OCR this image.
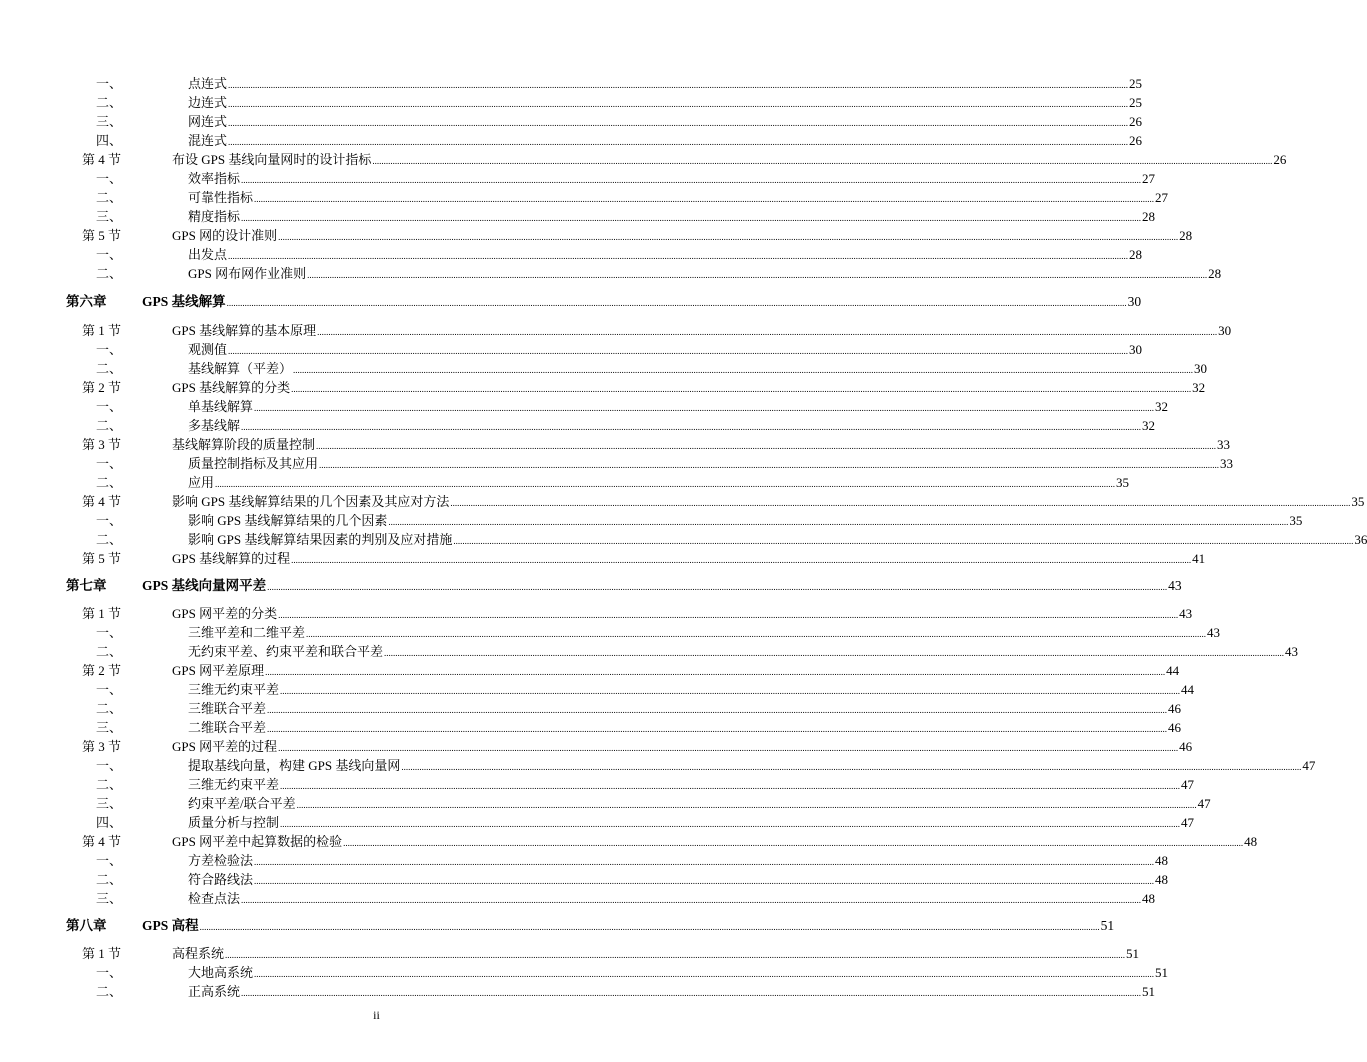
一、	点连式 ................................................................................................................................................................................................................................................................................................................................................................................................................ 25
二、	边连式 ................................................................................................................................................................................................................................................................................................................................................................................................................ 25
三、	网连式 ................................................................................................................................................................................................................................................................................................................................................................................................................ 26
四、	混连式 ................................................................................................................................................................................................................................................................................................................................................................................................................ 26
第 4 节	布设 GPS 基线向量网时的设计指标 ................................................................................................................................................................................................................................................................................................................................................................................................................ 26
一、	效率指标 ................................................................................................................................................................................................................................................................................................................................................................................................................ 27
二、	可靠性指标 ................................................................................................................................................................................................................................................................................................................................................................................................................ 27
三、	精度指标 ................................................................................................................................................................................................................................................................................................................................................................................................................ 28
第 5 节	GPS 网的设计准则 ................................................................................................................................................................................................................................................................................................................................................................................................................ 28
一、	出发点 ................................................................................................................................................................................................................................................................................................................................................................................................................ 28
二、	GPS 网布网作业准则 ................................................................................................................................................................................................................................................................................................................................................................................................................ 28
第六章	GPS 基线解算 ................................................................................................................................................................................................................................................................................................................................................................................................................ 30
第 1 节	GPS 基线解算的基本原理 ................................................................................................................................................................................................................................................................................................................................................................................................................ 30
一、	观测值 ................................................................................................................................................................................................................................................................................................................................................................................................................ 30
二、	基线解算（平差） ................................................................................................................................................................................................................................................................................................................................................................................................................ 30
第 2 节	GPS 基线解算的分类 ................................................................................................................................................................................................................................................................................................................................................................................................................ 32
一、	单基线解算 ................................................................................................................................................................................................................................................................................................................................................................................................................ 32
二、	多基线解 ................................................................................................................................................................................................................................................................................................................................................................................................................ 32
第 3 节	基线解算阶段的质量控制 ................................................................................................................................................................................................................................................................................................................................................................................................................ 33
一、	质量控制指标及其应用 ................................................................................................................................................................................................................................................................................................................................................................................................................ 33
二、	应用 ................................................................................................................................................................................................................................................................................................................................................................................................................ 35
第 4 节	影响 GPS 基线解算结果的几个因素及其应对方法 ................................................................................................................................................................................................................................................................................................................................................................................................................ 35
一、	影响 GPS 基线解算结果的几个因素 ................................................................................................................................................................................................................................................................................................................................................................................................................ 35
二、	影响 GPS 基线解算结果因素的判别及应对措施 ................................................................................................................................................................................................................................................................................................................................................................................................................ 36
第 5 节	GPS 基线解算的过程 ................................................................................................................................................................................................................................................................................................................................................................................................................ 41
第七章	GPS 基线向量网平差 ................................................................................................................................................................................................................................................................................................................................................................................................................ 43
第 1 节	GPS 网平差的分类 ................................................................................................................................................................................................................................................................................................................................................................................................................ 43
一、	三维平差和二维平差 ................................................................................................................................................................................................................................................................................................................................................................................................................ 43
二、	无约束平差、约束平差和联合平差 ................................................................................................................................................................................................................................................................................................................................................................................................................ 43
第 2 节	GPS 网平差原理 ................................................................................................................................................................................................................................................................................................................................................................................................................ 44
一、	三维无约束平差 ................................................................................................................................................................................................................................................................................................................................................................................................................ 44
二、	三维联合平差 ................................................................................................................................................................................................................................................................................................................................................................................................................ 46
三、	二维联合平差 ................................................................................................................................................................................................................................................................................................................................................................................................................ 46
第 3 节	GPS 网平差的过程 ................................................................................................................................................................................................................................................................................................................................................................................................................ 46
一、	提取基线向量，构建 GPS 基线向量网 ................................................................................................................................................................................................................................................................................................................................................................................................................ 47
二、	三维无约束平差 ................................................................................................................................................................................................................................................................................................................................................................................................................ 47
三、	约束平差/联合平差 ................................................................................................................................................................................................................................................................................................................................................................................................................ 47
四、	质量分析与控制 ................................................................................................................................................................................................................................................................................................................................................................................................................ 47
第 4 节	GPS 网平差中起算数据的检验 ................................................................................................................................................................................................................................................................................................................................................................................................................ 48
一、	方差检验法 ................................................................................................................................................................................................................................................................................................................................................................................................................ 48
二、	符合路线法 ................................................................................................................................................................................................................................................................................................................................................................................................................ 48
三、	检查点法 ................................................................................................................................................................................................................................................................................................................................................................................................................ 48
第八章	GPS 高程 ................................................................................................................................................................................................................................................................................................................................................................................................................ 51
第 1 节	高程系统 ................................................................................................................................................................................................................................................................................................................................................................................................................ 51
一、	大地高系统 ................................................................................................................................................................................................................................................................................................................................................................................................................ 51
二、	正高系统 ................................................................................................................................................................................................................................................................................................................................................................................................................ 51
ii
